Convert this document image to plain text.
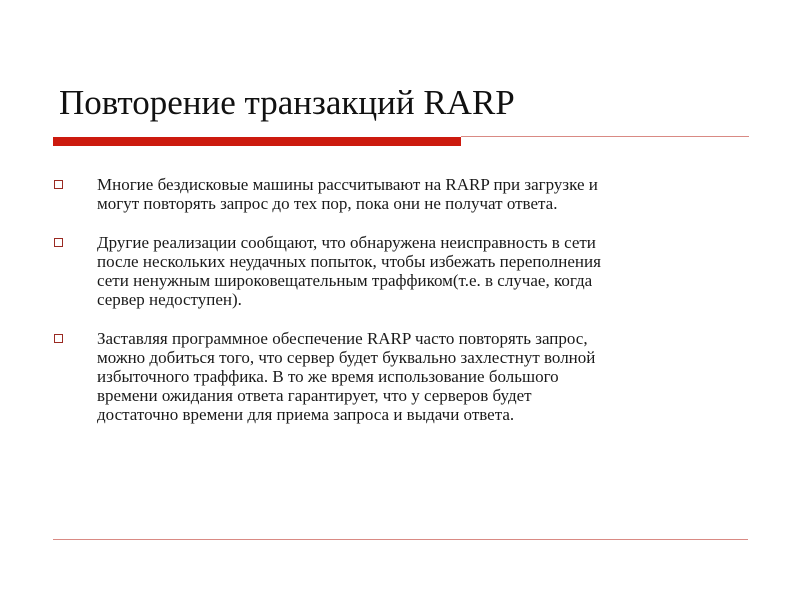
Повторение транзакций RARP
Многие бездисковые машины рассчитывают на RARP при загрузке и
могут повторять запрос до тех пор, пока они не получат ответа.
Другие реализации сообщают, что обнаружена неисправность в сети
после нескольких неудачных попыток, чтобы избежать переполнения
сети ненужным широковещательным траффиком(т.е. в случае, когда
сервер недоступен).
Заставляя программное обеспечение RARP часто повторять запрос,
можно добиться того, что сервер будет буквально захлестнут волной
избыточного траффика. В то же время использование большого
времени ожидания ответа гарантирует, что у серверов будет
достаточно времени для приема запроса и выдачи ответа.
